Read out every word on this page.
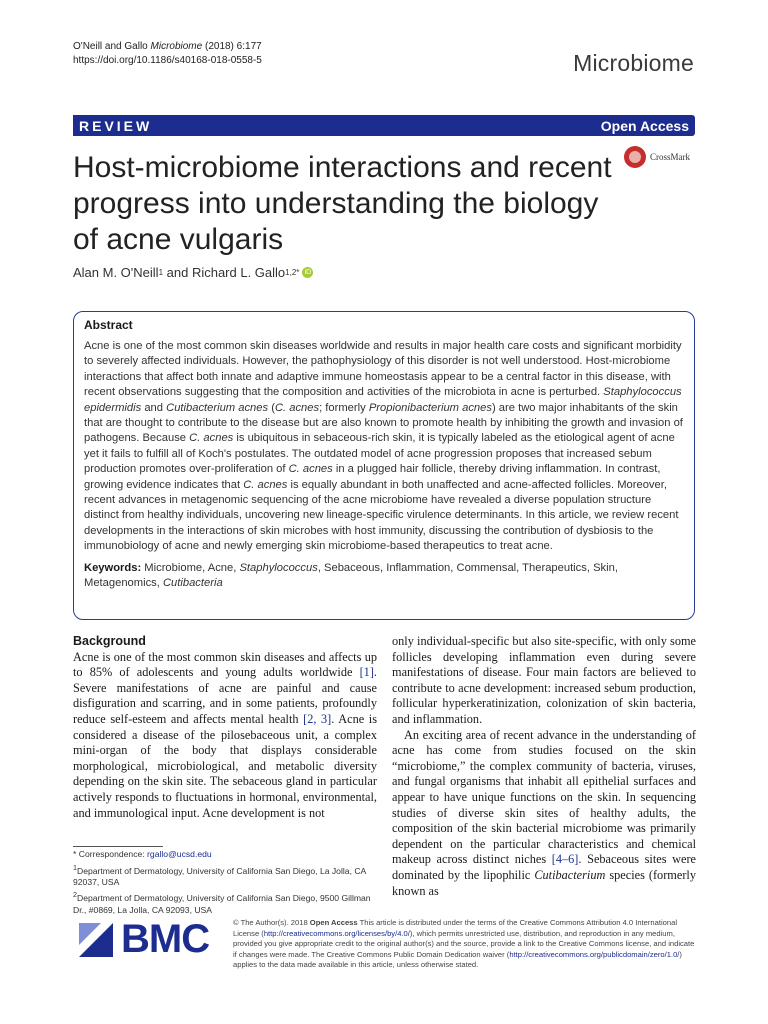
O'Neill and Gallo Microbiome (2018) 6:177
https://doi.org/10.1186/s40168-018-0558-5	Microbiome
REVIEW	Open Access
Host-microbiome interactions and recent progress into understanding the biology of acne vulgaris
CrossMark
Alan M. O'Neill 1 and Richard L. Gallo 1,2* iD
Abstract
Acne is one of the most common skin diseases worldwide and results in major health care costs and significant morbidity to severely affected individuals. However, the pathophysiology of this disorder is not well understood. Host-microbiome interactions that affect both innate and adaptive immune homeostasis appear to be a central factor in this disease, with recent observations suggesting that the composition and activities of the microbiota in acne is perturbed. Staphylococcus epidermidis and Cutibacterium acnes (C. acnes; formerly Propionibacterium acnes) are two major inhabitants of the skin that are thought to contribute to the disease but are also known to promote health by inhibiting the growth and invasion of pathogens. Because C. acnes is ubiquitous in sebaceous-rich skin, it is typically labeled as the etiological agent of acne yet it fails to fulfill all of Koch's postulates. The outdated model of acne progression proposes that increased sebum production promotes over-proliferation of C. acnes in a plugged hair follicle, thereby driving inflammation. In contrast, growing evidence indicates that C. acnes is equally abundant in both unaffected and acne-affected follicles. Moreover, recent advances in metagenomic sequencing of the acne microbiome have revealed a diverse population structure distinct from healthy individuals, uncovering new lineage-specific virulence determinants. In this article, we review recent developments in the interactions of skin microbes with host immunity, discussing the contribution of dysbiosis to the immunobiology of acne and newly emerging skin microbiome-based therapeutics to treat acne.
Keywords: Microbiome, Acne, Staphylococcus, Sebaceous, Inflammation, Commensal, Therapeutics, Skin, Metagenomics, Cutibacteria
Background
Acne is one of the most common skin diseases and affects up to 85% of adolescents and young adults worldwide [1]. Severe manifestations of acne are painful and cause disfiguration and scarring, and in some patients, profoundly reduce self-esteem and affects mental health [2, 3]. Acne is considered a disease of the pilosebaceous unit, a complex mini-organ of the body that displays considerable morphological, microbiological, and metabolic diversity depending on the skin site. The sebaceous gland in particular actively responds to fluctuations in hormonal, environmental, and immunological input. Acne development is not
only individual-specific but also site-specific, with only some follicles developing inflammation even during severe manifestations of disease. Four main factors are believed to contribute to acne development: increased sebum production, follicular hyperkeratinization, colonization of skin bacteria, and inflammation.
An exciting area of recent advance in the understanding of acne has come from studies focused on the skin “microbiome,” the complex community of bacteria, viruses, and fungal organisms that inhabit all epithelial surfaces and appear to have unique functions on the skin. In sequencing studies of diverse skin sites of healthy adults, the composition of the skin bacterial microbiome was primarily dependent on the particular characteristics and chemical makeup across distinct niches [4–6]. Sebaceous sites were dominated by the lipophilic Cutibacterium species (formerly known as

* Correspondence: rgallo@ucsd.edu

$^1$Department of Dermatology, University of California San Diego, La Jolla, CA 92037, USA

$^2$Department of Dermatology, University of California San Diego, 9500 Gillman Dr., #0869, La Jolla, CA 92093, USA

BMC	© The Author(s). 2018 Open Access This article is distributed under the terms of the Creative Commons Attribution 4.0 International License (http://creativecommons.org/licenses/by/4.0/), which permits unrestricted use, distribution, and reproduction in any medium, provided you give appropriate credit to the original author(s) and the source, provide a link to the Creative Commons license, and indicate if changes were made. The Creative Commons Public Domain Dedication waiver (http://creativecommons.org/publicdomain/zero/1.0/) applies to the data made available in this article, unless otherwise stated.
